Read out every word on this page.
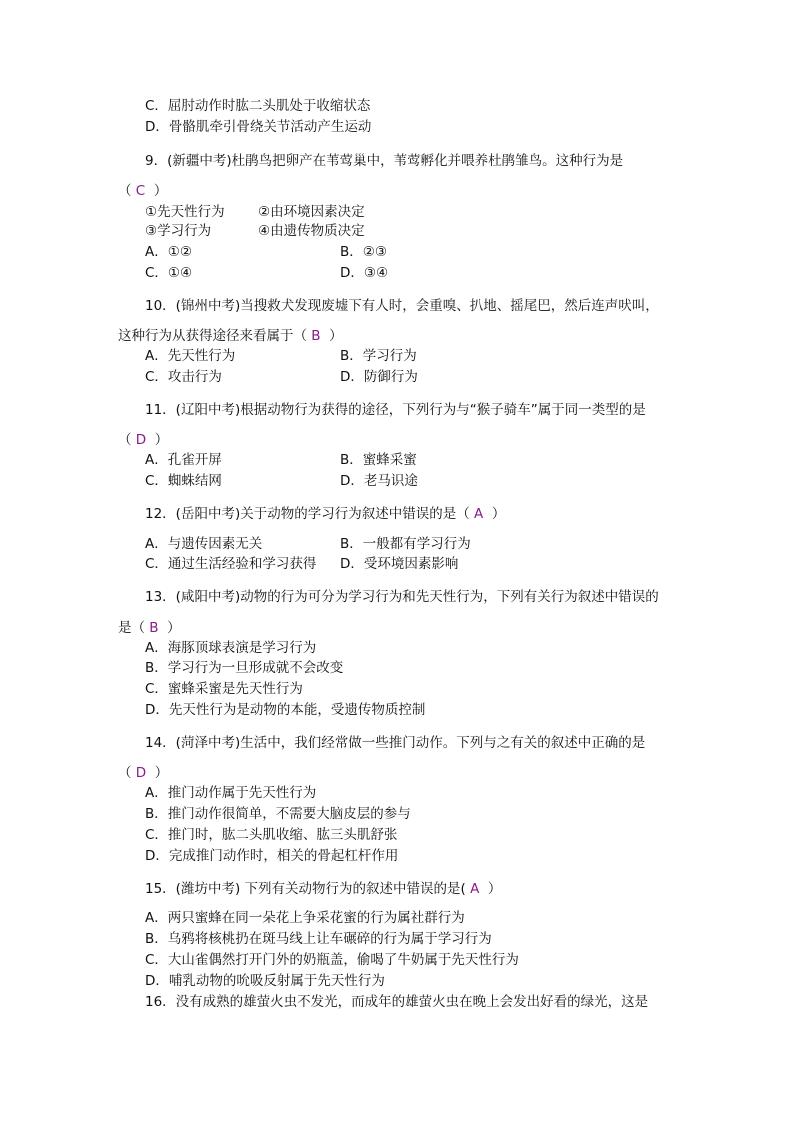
C．屈肘动作时肱二头肌处于收缩状态
D．骨骼肌牵引骨绕关节活动产生运动
9．(新疆中考)杜鹃鸟把卵产在苇莺巢中，苇莺孵化并喂养杜鹃雏鸟。这种行为是
（ C ）
①先天性行为 ②由环境因素决定
③学习行为	④由遗传物质决定
A．①②	B．②③
C．①④	D．③④
10．(锦州中考)当搜救犬发现废墟下有人时，会重嗅、扒地、摇尾巴，然后连声吠叫，
这种行为从获得途径来看属于（ B ）
A．先天性行为	B．学习行为
C．攻击行为	D．防御行为
11．(辽阳中考)根据动物行为获得的途径，下列行为与“猴子骑车”属于同一类型的是
（ D ）
A．孔雀开屏	B．蜜蜂采蜜
C．蜘蛛结网	D．老马识途
12．(岳阳中考)关于动物的学习行为叙述中错误的是（ A ）
A．与遗传因素无关	B．一般都有学习行为
C．通过生活经验和学习获得 D．受环境因素影响
13．(咸阳中考)动物的行为可分为学习行为和先天性行为，下列有关行为叙述中错误的
是（ B ）
A．海豚顶球表演是学习行为
B．学习行为一旦形成就不会改变
C．蜜蜂采蜜是先天性行为
D．先天性行为是动物的本能，受遗传物质控制
14．(菏泽中考)生活中，我们经常做一些推门动作。下列与之有关的叙述中正确的是
（ D ）
A．推门动作属于先天性行为
B．推门动作很简单，不需要大脑皮层的参与
C．推门时，肱二头肌收缩、肱三头肌舒张
D．完成推门动作时，相关的骨起杠杆作用
15．(潍坊中考) 下列有关动物行为的叙述中错误的是( A ）
A．两只蜜蜂在同一朵花上争采花蜜的行为属社群行为
B．乌鸦将核桃扔在斑马线上让车碾碎的行为属于学习行为
C．大山雀偶然打开门外的奶瓶盖，偷喝了牛奶属于先天性行为
D．哺乳动物的吮吸反射属于先天性行为
16．没有成熟的雄萤火虫不发光，而成年的雄萤火虫在晚上会发出好看的绿光，这是
